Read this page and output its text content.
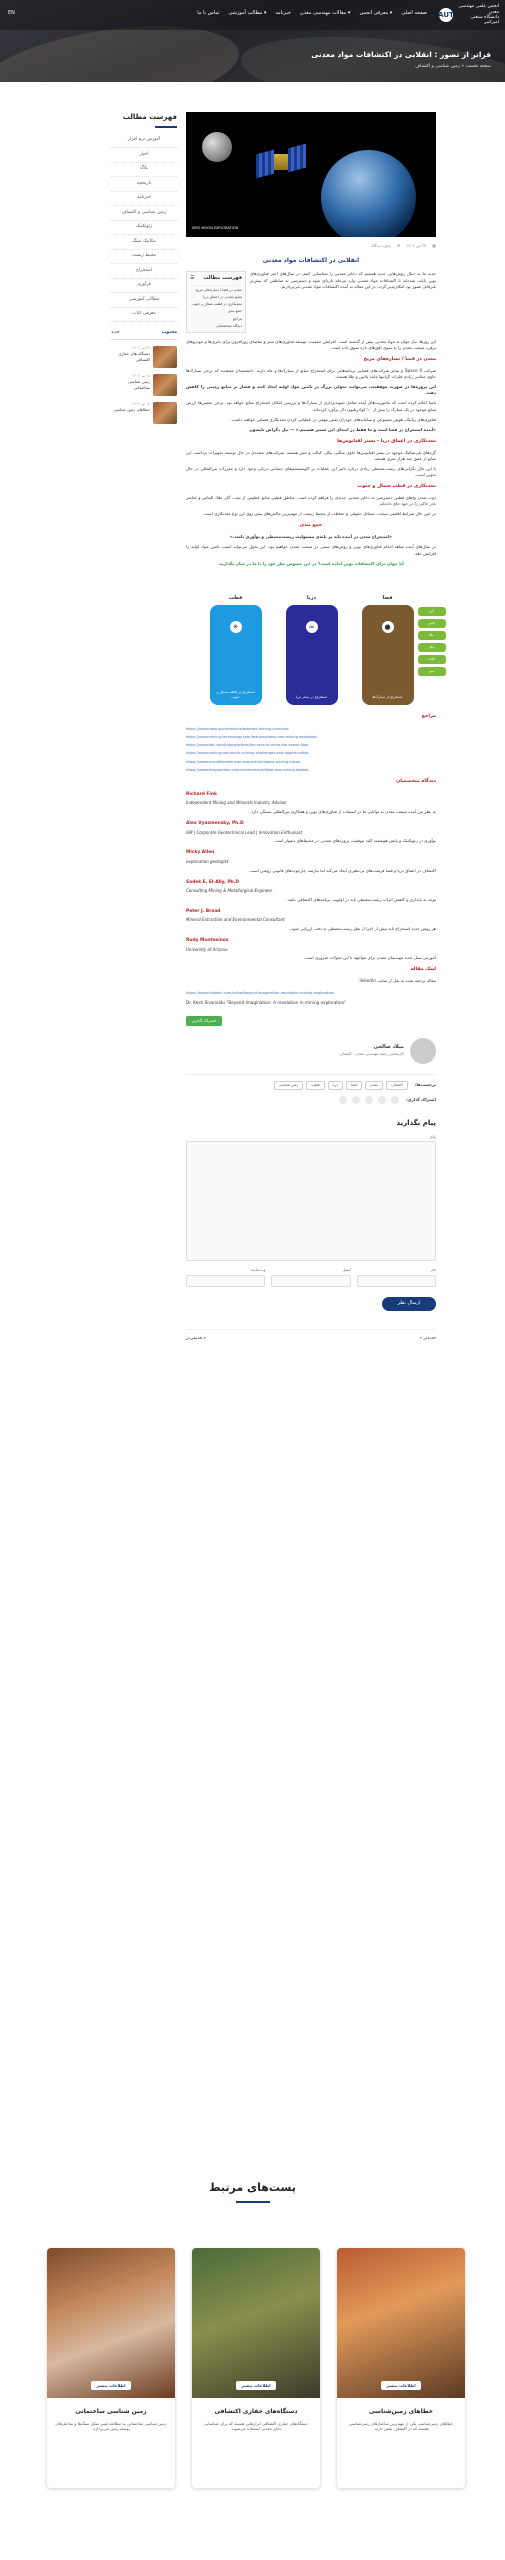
AUT
انجمن علمی مهندسی معدن
دانشگاه صنعتی امیرکبیر
صفحه اصلی
▾ معرفی انجمن
▾ مقالات مهندسی معدن
خبرنامه
▾ مطالب آموزشی
تماس با ما
EN
فراتر از تصور : انقلابی در اکتشافات مواد معدنی
صفحه نخست » زمین شناسی و اکتشاف
فهرست مطالب
آموزش نرم افزار
اخبار
بلاگ
تاریخچه
خبرنامه
زمین شناسی و اکتشاف
ژئوتکنیک
مکانیک سنگ
محیط زیست
استخراج
فرآوری
مطالب آموزشی
معرفی کتاب
محبوب
جدید
۲۳ تیر ۱۴۰۲
دستگاه های حفاری اکتشافی
۱۸ تیر ۱۴۰۲
زمین شناسی ساختمانی
۱۲ تیر ۱۴۰۲
خطاهای زمین شناسی
ISRO MOON EXPLORATION
▦
۲۳ تیر ۱۴۰۲
✉
بدون دیدگاه
انقلابی در اکتشافات مواد معدنی
فهرست مطالب
☰
معدن در فضا / سیاره‌های مریخ
منابع معدنی در اعماق دریا
معدنکاری در قطب شمال و جنوب
جمع بندی
مراجع
دیدگاه متخصصان
جدید ما به دنبال روش‌هایی جدید هستیم که ذخایر معدنی را شناسایی کنیم. در سال‌های اخیر فناوری‌های نوین باعث شده‌اند تا اکتشافات مواد معدنی وارد مرحله تازه‌ای شود و دسترسی به مناطقی که پیش‌تر غیرقابل تصور بود امکان‌پذیر گردد. در این مقاله به آینده اکتشافات مواد معدنی می‌پردازیم.
این روزها، نیاز جهان به مواد معدنی بیش از گذشته است. افزایش جمعیت، توسعه فناوری‌های سبز و تقاضای روزافزون برای باتری‌ها و خودروهای برقی، صنعت معدن را به سوی افق‌های تازه سوق داده است.
معدن در فضا / سیاره‌های مریخ
شرکت Space X و سایر شرکت‌های فضایی برنامه‌هایی برای استخراج منابع از سیارک‌ها و ماه دارند. دانشمندان معتقدند که برخی سیارک‌ها حاوی مقادیر زیادی فلزات گرانبها مانند پلاتین و طلا هستند.
این پروژه‌ها در صورت موفقیت، می‌توانند تحولی بزرگ در تامین مواد اولیه ایجاد کنند و فشار بر منابع زمینی را کاهش دهند.
ناسا اعلام کرده است که ماموریت‌های آینده شامل نمونه‌برداری از سیارک‌ها و بررسی امکان استخراج منابع خواهد بود. برخی تخمین‌ها ارزش منابع موجود در یک سیارک را بیش از ۱۰ کوادریلیون دلار برآورد کرده‌اند.
فناوری‌های رباتیک، هوش مصنوعی و سامانه‌های خودران نقش مهمی در عملیاتی کردن معدنکاری فضایی خواهند داشت.
«آینده استخراج در فضا است و ما فقط در ابتدای این مسیر هستیم.» — نیل دگراس تایسون
معدنکاری در اعماق دریا - بستر اقیانوس‌ها
گره‌های پلی‌متالیک موجود در بستر اقیانوس‌ها حاوی منگنز، نیکل، کبالت و مس هستند. شرکت‌های متعددی در حال توسعه تجهیزات برداشت این منابع از عمق چند هزار متری هستند.
با این حال نگرانی‌های زیست‌محیطی زیادی درباره تاثیر این عملیات بر اکوسیستم‌های حساس دریایی وجود دارد و مقررات بین‌المللی در حال تدوین است.
معدنکاری در قطب شمال و جنوب
ذوب شدن یخ‌های قطبی دسترسی به ذخایر معدنی جدیدی را فراهم کرده است. مناطق قطبی منابع عظیمی از نفت، گاز، طلا، الماس و عناصر نادر خاکی را در خود جای داده‌اند.
در عین حال شرایط اقلیمی سخت، مسائل حقوقی و حفاظت از محیط زیست از مهم‌ترین چالش‌های پیش روی این نوع معدنکاری است.
جمع بندی
«استخراج معدن در آینده باید بر پایه‌ی مسئولیت زیست‌محیطی و نوآوری باشد.»
در سال‌های آینده شاهد ادغام فناوری‌های نوین و روش‌های سنتی در صنعت معدن خواهیم بود. این تحول می‌تواند امنیت تامین مواد اولیه را افزایش دهد.
آیا جهان برای اکتشافات نوین آماده است؟ در این خصوص نظر خود را با ما در میان بگذارید.
فضا
●
استخراج از سیارک‌ها
دریا
≈
استخراج در بستر دریا
قطب
✳
استخراج در قطب شمال و جنوب
آهن
پلاتین
طلا
نیکل
کبالت
مس
مراجع
https://www.nasa.gov/missions/asteroid-mining-overview
https://www.mining-technology.com/features/deep-sea-mining-explained
https://www.bbc.com/future/article/the-race-to-mine-the-ocean-floor
https://www.mining.com/arctic-mining-challenges-and-opportunities
https://www.scientificamerican.com/article/space-mining-future
https://www.theguardian.com/environment/deep-sea-mining-debate
دیدگاه متخصصان
Richard Fink
Independent Mining and Minerals Industry Advisor
به نظر من آینده صنعت معدن به توانایی ما در استفاده از فناوری‌های نوین و همکاری بین‌المللی بستگی دارد.
Alex Vyazmensky, Ph.D
GM | Corporate Geotechnical Lead | Innovation Enthusiast
نوآوری در ژئوتکنیک و پایش هوشمند کلید موفقیت پروژه‌های معدنی در محیط‌های دشوار است.
Micky Allen
exploration geologist
اکتشاف در اعماق دریا و فضا فرصت‌های بی‌نظیری ایجاد می‌کند اما نیازمند چارچوب‌های قانونی روشن است.
Sadek E. El-Ally, Ph.D
Consulting Mining & Metallurgical Engineer
توجه به پایداری و کاهش اثرات زیست‌محیطی باید در اولویت برنامه‌های اکتشافی باشد.
Peter J. Broad
Mineral Extraction and Environmental Consultant
هر روش جدید استخراج باید پیش از اجرا از نظر زیست‌محیطی به دقت ارزیابی شود.
Rudy Montesinos
University of Arizona
آموزش نسل جدید مهندسان معدن برای مواجهه با این تحولات ضروری است.
لینک مقاله
مقاله ترجمه شده به نقل از سایت linkedin:
https://www.linkedin.com/pulse/beyond-imagination-revolution-mining-exploration
Dr. Kesh Sivanaidu "Beyond Imagination: A revolution in mining exploration"
اشتراک گذاری
میلاد صالحی
کارشناس رشته مهندسی معدن - اکتشاف
برچسب‌ها:
اکتشاف
معدن
فضا
دریا
قطب
زمین شناسی
اشتراک گذاری:
پیام بگذارید
پیام
نام
ایمیل
وب‌سایت
ارسال نظر
جدیدتر »
« قدیمی‌تر
پست‌های مرتبط
اطلاعات بیشتر
خطاهای زمین‌شناسی
خطاهای زمین‌شناسی یکی از مهم‌ترین ساختارهای زمین‌شناسی هستند که در اکتشاف نقش دارند.
اطلاعات بیشتر
دستگاه‌های حفاری اکتشافی
دستگاه‌های حفاری اکتشافی ابزارهایی هستند که برای شناسایی ذخایر معدنی استفاده می‌شوند.
اطلاعات بیشتر
زمین شناسی ساختمانی
زمین شناسی ساختمانی به مطالعه تغییر شکل سنگ‌ها و ساختارهای پوسته زمین می‌پردازد.
